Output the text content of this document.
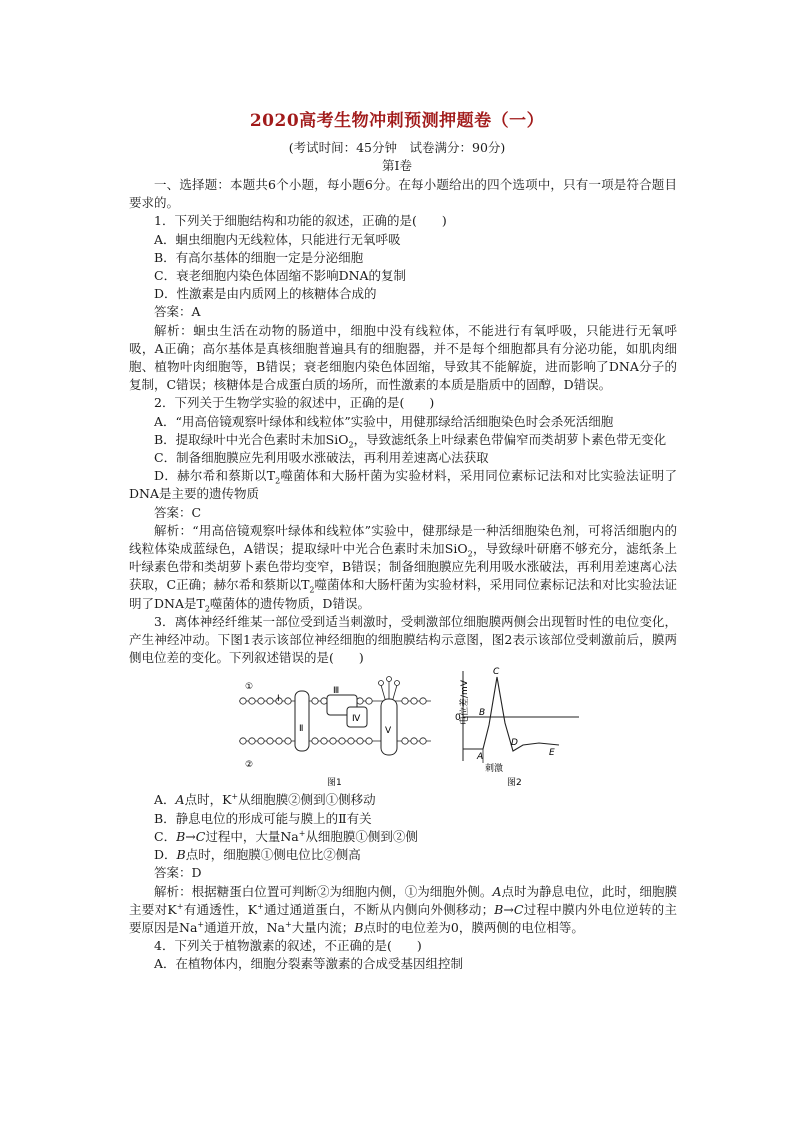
2020高考生物冲刺预测押题卷（一）
(考试时间：45分钟　试卷满分：90分)
第Ⅰ卷

一、选择题：本题共6个小题，每小题6分。在每小题给出的四个选项中，只有一项是符合题目要求的。

1．下列关于细胞结构和功能的叙述，正确的是(　　)

A．蛔虫细胞内无线粒体，只能进行无氧呼吸

B．有高尔基体的细胞一定是分泌细胞

C．衰老细胞内染色体固缩不影响DNA的复制

D．性激素是由内质网上的核糖体合成的

答案：A

解析：蛔虫生活在动物的肠道中，细胞中没有线粒体，不能进行有氧呼吸，只能进行无氧呼吸，A正确；高尔基体是真核细胞普遍具有的细胞器，并不是每个细胞都具有分泌功能，如肌肉细胞、植物叶肉细胞等，B错误；衰老细胞内染色体固缩，导致其不能解旋，进而影响了DNA分子的复制，C错误；核糖体是合成蛋白质的场所，而性激素的本质是脂质中的固醇，D错误。

2．下列关于生物学实验的叙述中，正确的是(　　)

A．“用高倍镜观察叶绿体和线粒体”实验中，用健那绿给活细胞染色时会杀死活细胞

B．提取绿叶中光合色素时未加SiO$_2$，导致滤纸条上叶绿素色带偏窄而类胡萝卜素色带无变化

C．制备细胞膜应先利用吸水涨破法，再利用差速离心法获取

D．赫尔希和蔡斯以$T_2$噬菌体和大肠杆菌为实验材料，采用同位素标记法和对比实验法证明了DNA是主要的遗传物质

答案：C

解析：“用高倍镜观察叶绿体和线粒体”实验中，健那绿是一种活细胞染色剂，可将活细胞内的线粒体染成蓝绿色，A错误；提取绿叶中光合色素时未加SiO$_2$，导致绿叶研磨不够充分，滤纸条上叶绿素色带和类胡萝卜素色带均变窄，B错误；制备细胞膜应先利用吸水涨破法，再利用差速离心法获取，C正确；赫尔希和蔡斯以$T_2$噬菌体和大肠杆菌为实验材料，采用同位素标记法和对比实验法证明了DNA是$T_2$噬菌体的遗传物质，D错误。

3．离体神经纤维某一部位受到适当刺激时，受刺激部位细胞膜两侧会出现暂时性的电位变化，产生神经冲动。下图1表示该部位神经细胞的细胞膜结构示意图，图2表示该部位受刺激前后，膜两侧电位差的变化。下列叙述错误的是(　　)

①
②
Ⅰ
Ⅱ
Ⅲ
Ⅳ
Ⅴ
图1
电位差/mV
0
A
B
C
D
E
刺激
图2

A．A点时，K+从细胞膜②侧到①侧移动

B．静息电位的形成可能与膜上的Ⅱ有关

C．B→C过程中，大量Na+从细胞膜①侧到②侧

D．B点时，细胞膜①侧电位比②侧高

答案：D

解析：根据糖蛋白位置可判断②为细胞内侧，①为细胞外侧。A点时为静息电位，此时，细胞膜主要对K+有通透性，K+通过通道蛋白，不断从内侧向外侧移动；B→C过程中膜内外电位逆转的主要原因是Na+通道开放，Na+大量内流；B点时的电位差为0，膜两侧的电位相等。

4．下列关于植物激素的叙述，不正确的是(　　)

A．在植物体内，细胞分裂素等激素的合成受基因组控制
